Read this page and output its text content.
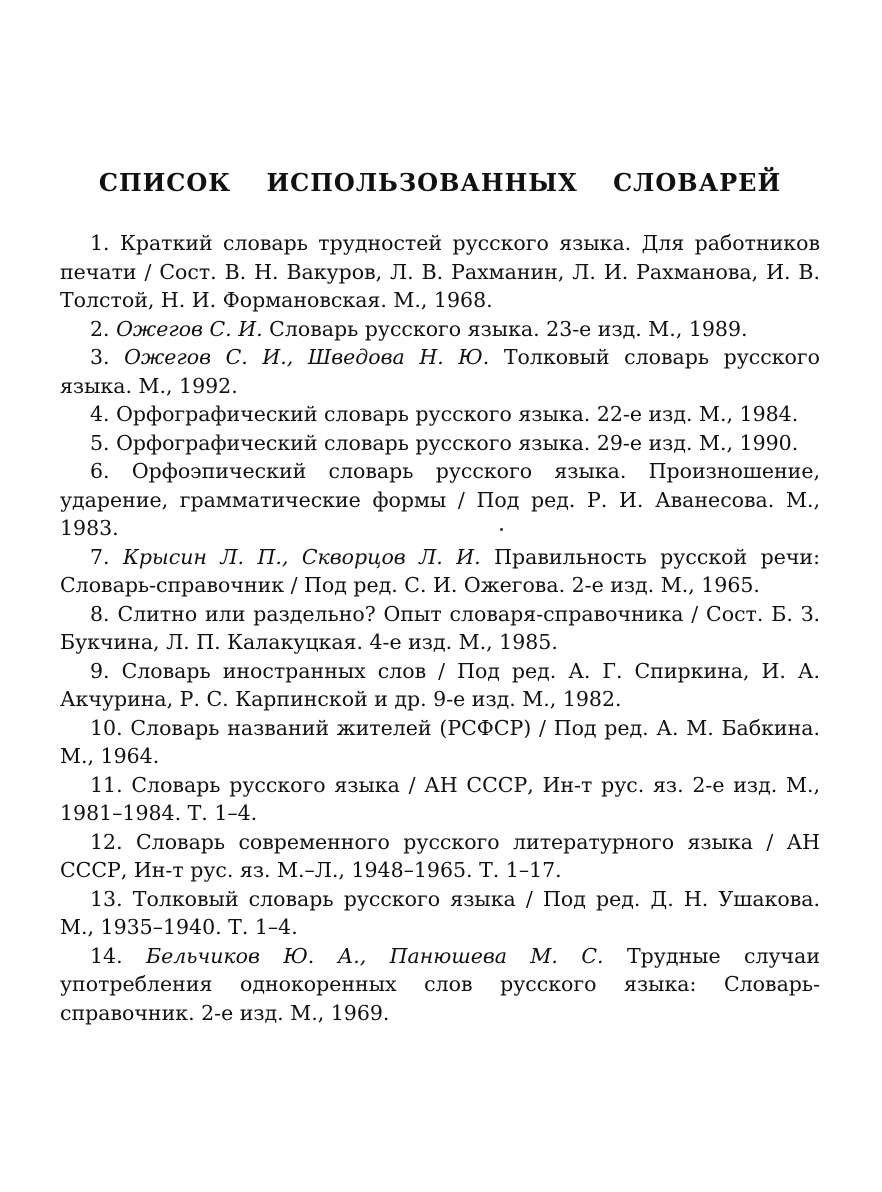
СПИСОК ИСПОЛЬЗОВАННЫХ СЛОВАРЕЙ

1. Краткий словарь трудностей русского языка. Для работников печати / Сост. В. Н. Вакуров, Л. В. Рахманин, Л. И. Рахманова, И. В. Толстой, Н. И. Формановская. М., 1968.

2. Ожегов С. И. Словарь русского языка. 23-е изд. М., 1989.

3. Ожегов С. И., Шведова Н. Ю. Толковый словарь русского языка. М., 1992.

4. Орфографический словарь русского языка. 22-е изд. М., 1984.

5. Орфографический словарь русского языка. 29-е изд. М., 1990.

6. Орфоэпический словарь русского языка. Произношение, ударение, грамматические формы / Под ред. Р. И. Аванесова. М., 1983.

7. Крысин Л. П., Скворцов Л. И. Правильность русской речи: Словарь-справочник / Под ред. С. И. Ожегова. 2-е изд. М., 1965.

8. Слитно или раздельно? Опыт словаря-справочника / Сост. Б. З. Букчина, Л. П. Калакуцкая. 4-е изд. М., 1985.

9. Словарь иностранных слов / Под ред. А. Г. Спиркина, И. А. Акчурина, Р. С. Карпинской и др. 9-е изд. М., 1982.

10. Словарь названий жителей (РСФСР) / Под ред. А. М. Бабкина. М., 1964.

11. Словарь русского языка / АН СССР, Ин-т рус. яз. 2-е изд. М., 1981–1984. Т. 1–4.

12. Словарь современного русского литературного языка / АН СССР, Ин-т рус. яз. М.–Л., 1948–1965. Т. 1–17.

13. Толковый словарь русского языка / Под ред. Д. Н. Ушакова. М., 1935–1940. Т. 1–4.

14. Бельчиков Ю. А., Панюшева М. С. Трудные случаи употребления однокоренных слов русского языка: Словарь-справочник. 2-е изд. М., 1969.
